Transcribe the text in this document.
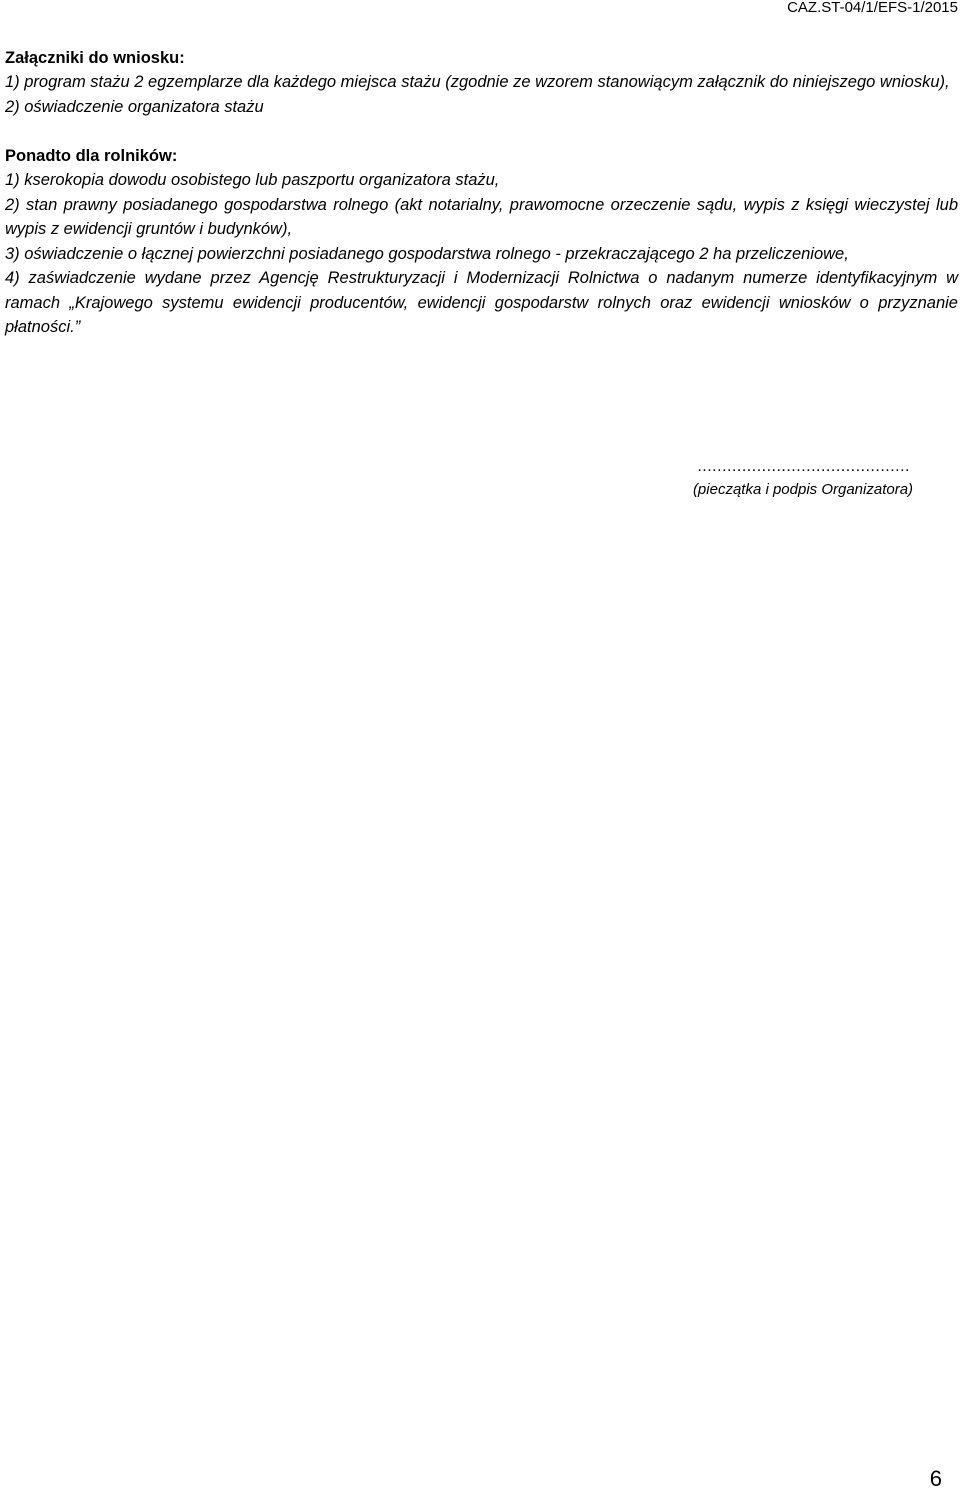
CAZ.ST-04/1/EFS-1/2015

Załączniki do wniosku:

1) program stażu 2 egzemplarze dla każdego miejsca stażu (zgodnie ze wzorem stanowiącym załącznik do niniejszego wniosku),

2) oświadczenie organizatora stażu

Ponadto dla rolników:

1) kserokopia dowodu osobistego lub paszportu organizatora stażu,

2) stan prawny posiadanego gospodarstwa rolnego (akt notarialny, prawomocne orzeczenie sądu, wypis z księgi wieczystej lub wypis z ewidencji gruntów i budynków),

3) oświadczenie o łącznej powierzchni posiadanego gospodarstwa rolnego - przekraczającego 2 ha przeliczeniowe,

4) zaświadczenie wydane przez Agencję Restrukturyzacji i Modernizacji Rolnictwa o nadanym numerze identyfikacyjnym w ramach „Krajowego systemu ewidencji producentów, ewidencji gospodarstw rolnych oraz ewidencji wniosków o przyznanie płatności.”

...........................................
(pieczątka i podpis Organizatora)
6
